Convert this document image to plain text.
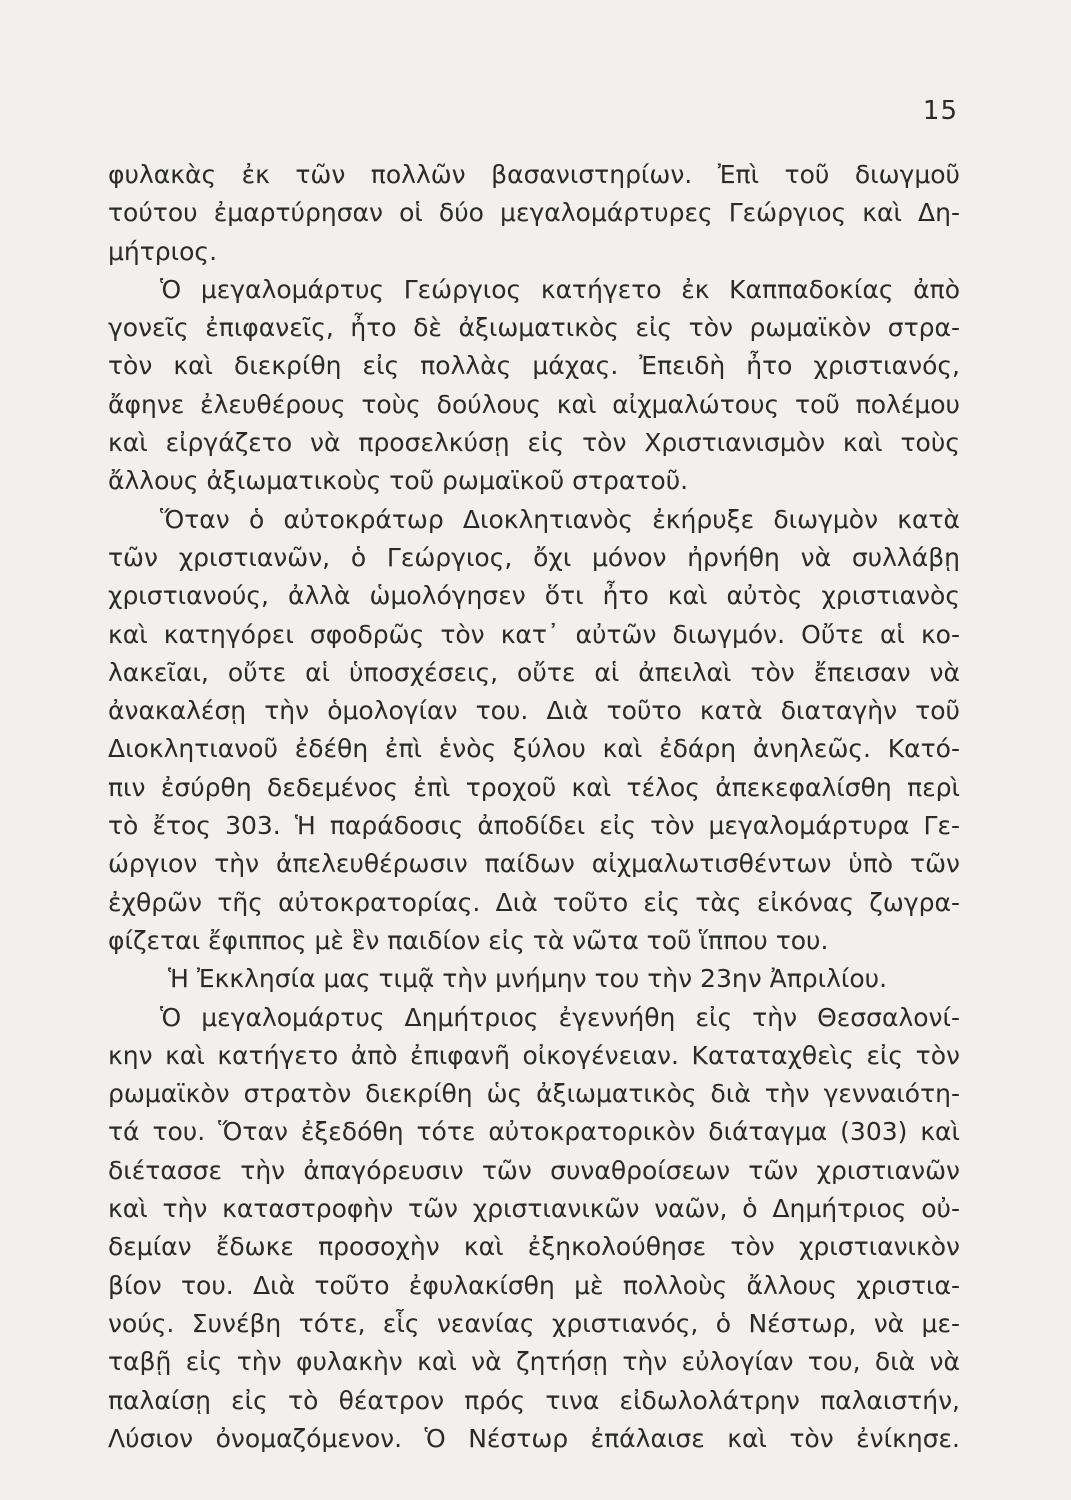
15
φυλακὰς ἐκ τῶν πολλῶν βασανιστηρίων. Ἐπὶ τοῦ διωγμοῦ
τούτου ἐμαρτύρησαν οἱ δύο μεγαλομάρτυρες Γεώργιος καὶ Δη-
μήτριος.
Ὁ μεγαλομάρτυς Γεώργιος κατήγετο ἐκ Καππαδοκίας ἀπὸ
γονεῖς ἐπιφανεῖς, ἦτο δὲ ἀξιωματικὸς εἰς τὸν ρωμαϊκὸν στρα-
τὸν καὶ διεκρίθη εἰς πολλὰς μάχας. Ἐπειδὴ ἦτο χριστιανός,
ἄφηνε ἐλευθέρους τοὺς δούλους καὶ αἰχμαλώτους τοῦ πολέμου
καὶ εἰργάζετο νὰ προσελκύσῃ εἰς τὸν Χριστιανισμὸν καὶ τοὺς
ἄλλους ἀξιωματικοὺς τοῦ ρωμαϊκοῦ στρατοῦ.
Ὅταν ὁ αὐτοκράτωρ Διοκλητιανὸς ἐκήρυξε διωγμὸν κατὰ
τῶν χριστιανῶν, ὁ Γεώργιος, ὄχι μόνον ἠρνήθη νὰ συλλάβῃ
χριστιανούς, ἀλλὰ ὡμολόγησεν ὅτι ἦτο καὶ αὐτὸς χριστιανὸς
καὶ κατηγόρει σφοδρῶς τὸν κατ᾽ αὐτῶν διωγμόν. Οὔτε αἱ κο-
λακεῖαι, οὔτε αἱ ὑποσχέσεις, οὔτε αἱ ἀπειλαὶ τὸν ἔπεισαν νὰ
ἀνακαλέσῃ τὴν ὁμολογίαν του. Διὰ τοῦτο κατὰ διαταγὴν τοῦ
Διοκλητιανοῦ ἐδέθη ἐπὶ ἑνὸς ξύλου καὶ ἐδάρη ἀνηλεῶς. Κατό-
πιν ἐσύρθη δεδεμένος ἐπὶ τροχοῦ καὶ τέλος ἀπεκεφαλίσθη περὶ
τὸ ἔτος 303. Ἡ παράδοσις ἀποδίδει εἰς τὸν μεγαλομάρτυρα Γε-
ώργιον τὴν ἀπελευθέρωσιν παίδων αἰχμαλωτισθέντων ὑπὸ τῶν
ἐχθρῶν τῆς αὐτοκρατορίας. Διὰ τοῦτο εἰς τὰς εἰκόνας ζωγρα-
φίζεται ἔφιππος μὲ ἓν παιδίον εἰς τὰ νῶτα τοῦ ἵππου του.
Ἡ Ἐκκλησία μας τιμᾷ τὴν μνήμην του τὴν 23ην Ἀπριλίου.
Ὁ μεγαλομάρτυς Δημήτριος ἐγεννήθη εἰς τὴν Θεσσαλονί-
κην καὶ κατήγετο ἀπὸ ἐπιφανῆ οἰκογένειαν. Καταταχθεὶς εἰς τὸν
ρωμαϊκὸν στρατὸν διεκρίθη ὡς ἀξιωματικὸς διὰ τὴν γενναιότη-
τά του. Ὅταν ἐξεδόθη τότε αὐτοκρατορικὸν διάταγμα (303) καὶ
διέτασσε τὴν ἀπαγόρευσιν τῶν συναθροίσεων τῶν χριστιανῶν
καὶ τὴν καταστροφὴν τῶν χριστιανικῶν ναῶν, ὁ Δημήτριος οὐ-
δεμίαν ἔδωκε προσοχὴν καὶ ἐξηκολούθησε τὸν χριστιανικὸν
βίον του. Διὰ τοῦτο ἐφυλακίσθη μὲ πολλοὺς ἄλλους χριστια-
νούς. Συνέβη τότε, εἷς νεανίας χριστιανός, ὁ Νέστωρ, νὰ με-
ταβῇ εἰς τὴν φυλακὴν καὶ νὰ ζητήσῃ τὴν εὐλογίαν του, διὰ νὰ
παλαίσῃ εἰς τὸ θέατρον πρός τινα εἰδωλολάτρην παλαιστήν,
Λύσιον ὀνομαζόμενον. Ὁ Νέστωρ ἐπάλαισε καὶ τὸν ἐνίκησε.
